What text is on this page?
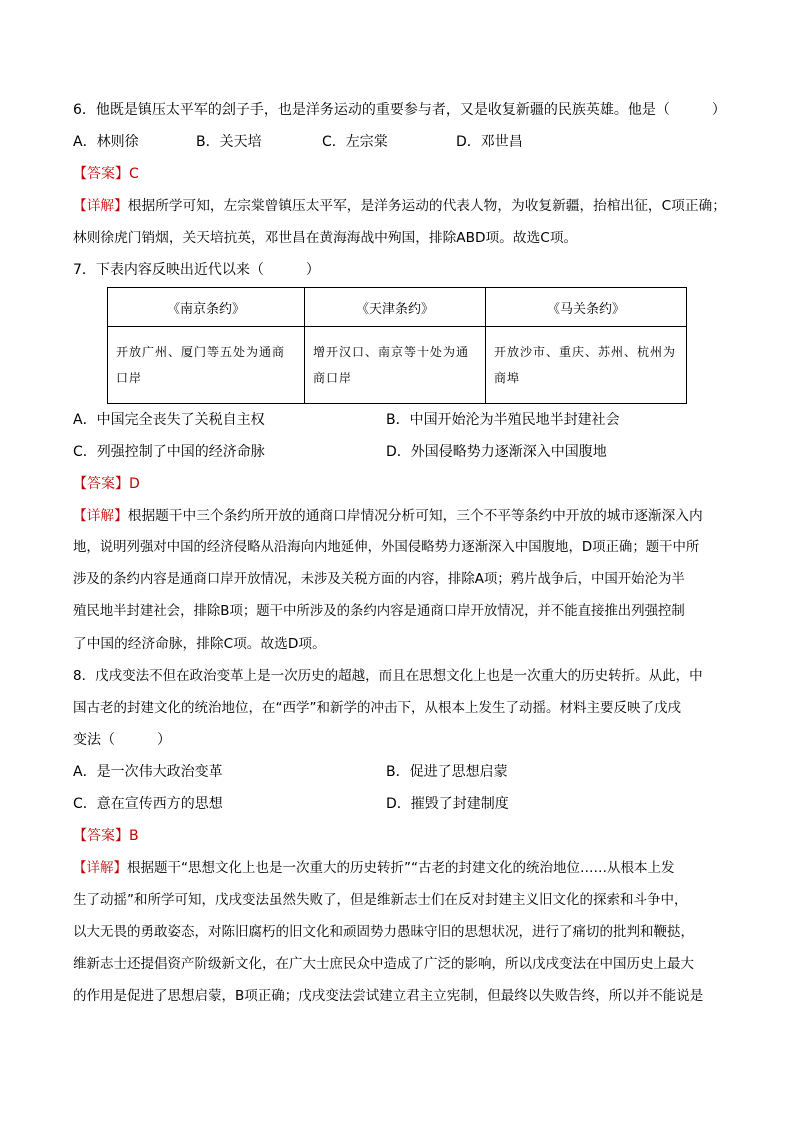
6．他既是镇压太平军的刽子手，也是洋务运动的重要参与者，又是收复新疆的民族英雄。他是（　　　）
A．林则徐	B．关天培	C．左宗棠	D．邓世昌
【答案】C
【详解】根据所学可知，左宗棠曾镇压太平军，是洋务运动的代表人物，为收复新疆，抬棺出征，C项正确；
林则徐虎门销烟，关天培抗英，邓世昌在黄海海战中殉国，排除ABD项。故选C项。
7．下表内容反映出近代以来（　　　）
《南京条约》	《天津条约》	《马关条约》
开放广州、厦门等五处为通商口岸	增开汉口、南京等十处为通商口岸	开放沙市、重庆、苏州、杭州为商埠
A．中国完全丧失了关税自主权	B．中国开始沦为半殖民地半封建社会
C．列强控制了中国的经济命脉	D．外国侵略势力逐渐深入中国腹地
【答案】D
【详解】根据题干中三个条约所开放的通商口岸情况分析可知，三个不平等条约中开放的城市逐渐深入内
地，说明列强对中国的经济侵略从沿海向内地延伸，外国侵略势力逐渐深入中国腹地，D项正确；题干中所
涉及的条约内容是通商口岸开放情况，未涉及关税方面的内容，排除A项；鸦片战争后，中国开始沦为半
殖民地半封建社会，排除B项；题干中所涉及的条约内容是通商口岸开放情况，并不能直接推出列强控制
了中国的经济命脉，排除C项。故选D项。
8．戊戌变法不但在政治变革上是一次历史的超越，而且在思想文化上也是一次重大的历史转折。从此，中
国古老的封建文化的统治地位，在“西学”和新学的冲击下，从根本上发生了动摇。材料主要反映了戊戌
变法（　　　）
A．是一次伟大政治变革	B．促进了思想启蒙
C．意在宣传西方的思想	D．摧毁了封建制度
【答案】B
【详解】根据题干“思想文化上也是一次重大的历史转折”“古老的封建文化的统治地位……从根本上发
生了动摇”和所学可知，戊戌变法虽然失败了，但是维新志士们在反对封建主义旧文化的探索和斗争中，
以大无畏的勇敢姿态，对陈旧腐朽的旧文化和顽固势力愚昧守旧的思想状况，进行了痛切的批判和鞭挞，
维新志士还提倡资产阶级新文化，在广大士庶民众中造成了广泛的影响，所以戊戌变法在中国历史上最大
的作用是促进了思想启蒙，B项正确；戊戌变法尝试建立君主立宪制，但最终以失败告终，所以并不能说是
